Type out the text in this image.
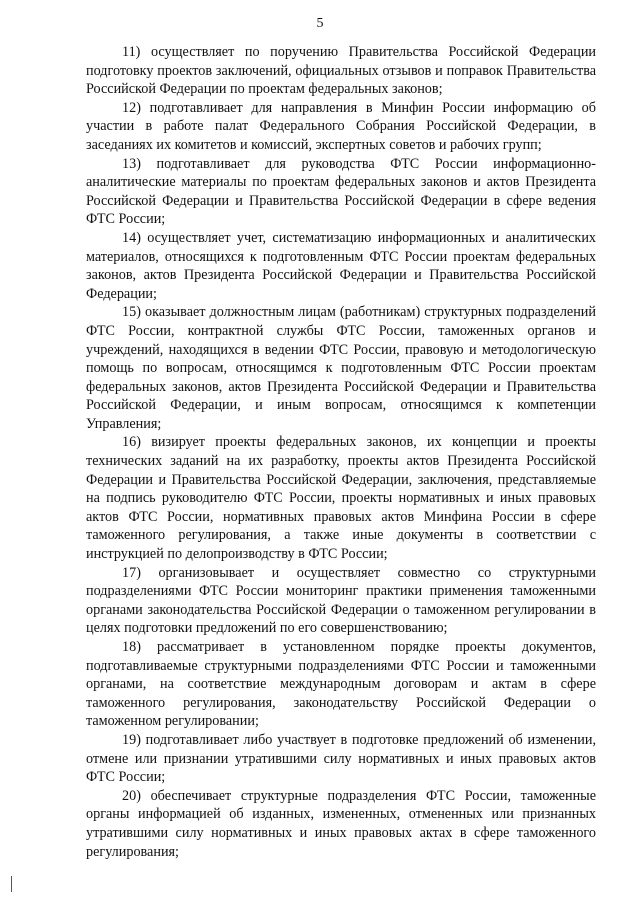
5

11) осуществляет по поручению Правительства Российской Федерации подготовку проектов заключений, официальных отзывов и поправок Правительства Российской Федерации по проектам федеральных законов;

12) подготавливает для направления в Минфин России информацию об участии в работе палат Федерального Собрания Российской Федерации, в заседаниях их комитетов и комиссий, экспертных советов и рабочих групп;

13) подготавливает для руководства ФТС России информационно-аналитические материалы по проектам федеральных законов и актов Президента Российской Федерации и Правительства Российской Федерации в сфере ведения ФТС России;

14) осуществляет учет, систематизацию информационных и аналитических материалов, относящихся к подготовленным ФТС России проектам федеральных законов, актов Президента Российской Федерации и Правительства Российской Федерации;

15) оказывает должностным лицам (работникам) структурных подразделений ФТС России, контрактной службы ФТС России, таможенных органов и учреждений, находящихся в ведении ФТС России, правовую и методологическую помощь по вопросам, относящимся к подготовленным ФТС России проектам федеральных законов, актов Президента Российской Федерации и Правительства Российской Федерации, и иным вопросам, относящимся к компетенции Управления;

16) визирует проекты федеральных законов, их концепции и проекты технических заданий на их разработку, проекты актов Президента Российской Федерации и Правительства Российской Федерации, заключения, представляемые на подпись руководителю ФТС России, проекты нормативных и иных правовых актов ФТС России, нормативных правовых актов Минфина России в сфере таможенного регулирования, а также иные документы в соответствии с инструкцией по делопроизводству в ФТС России;

17) организовывает и осуществляет совместно со структурными подразделениями ФТС России мониторинг практики применения таможенными органами законодательства Российской Федерации о таможенном регулировании в целях подготовки предложений по его совершенствованию;

18) рассматривает в установленном порядке проекты документов, подготавливаемые структурными подразделениями ФТС России и таможенными органами, на соответствие международным договорам и актам в сфере таможенного регулирования, законодательству Российской Федерации о таможенном регулировании;

19) подготавливает либо участвует в подготовке предложений об изменении, отмене или признании утратившими силу нормативных и иных правовых актов ФТС России;

20) обеспечивает структурные подразделения ФТС России, таможенные органы информацией об изданных, измененных, отмененных или признанных утратившими силу нормативных и иных правовых актах в сфере таможенного регулирования;
